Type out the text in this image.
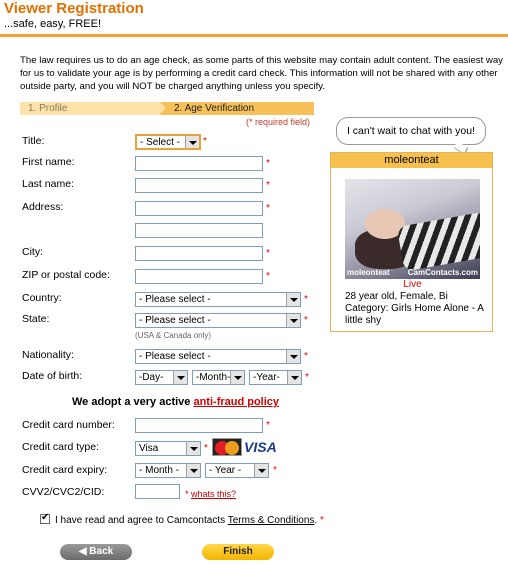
Viewer Registration
...safe, easy, FREE!
The law requires us to do an age check, as some parts of this website may contain adult content. The easiest way for us to validate your age is by performing a credit card check. This information will not be shared with any other outside party, and you will NOT be charged anything unless you specify.
1. Profile	2. Age Verification
(* required field)
Title:	- Select -	*
First name:	*
Last name:	*
Address:	*
City:	*
ZIP or postal code:	*
Country:	- Please select -	*
State:	- Please select -	*
(USA & Canada only)
Nationality:	- Please select -	*
Date of birth:	-Day-	-Month-	-Year-	*
We adopt a very active anti-fraud policy
Credit card number:	*
Credit card type:	Visa	*	VISA
Credit card expiry:	- Month -	- Year -	*
CVV2/CVC2/CID:	* whats this?
✔
I have read and agree to Camcontacts Terms & Conditions. *
◀ Back	Finish
I can't wait to chat with you!
moleonteat
moleonteat CamContacts.com
Live
28 year old, Female, Bi
Category: Girls Home Alone - A little shy
